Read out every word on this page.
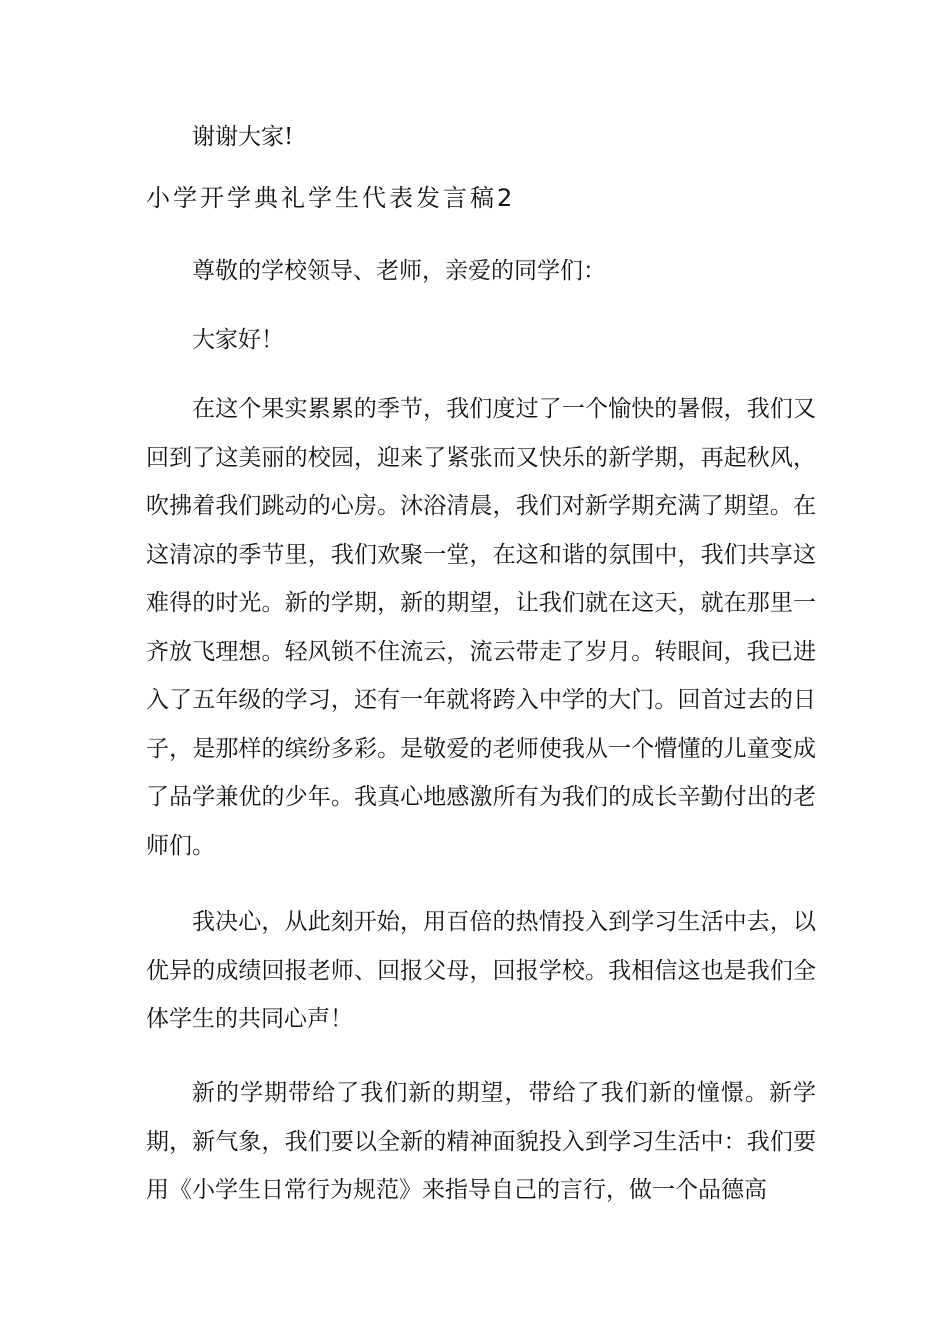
谢谢大家!

小学开学典礼学生代表发言稿2

尊敬的学校领导、老师，亲爱的同学们：

大家好！

在这个果实累累的季节，我们度过了一个愉快的暑假，我们又回到了这美丽的校园，迎来了紧张而又快乐的新学期，再起秋风，吹拂着我们跳动的心房。沐浴清晨，我们对新学期充满了期望。在这清凉的季节里，我们欢聚一堂，在这和谐的氛围中，我们共享这难得的时光。新的学期，新的期望，让我们就在这天，就在那里一齐放飞理想。轻风锁不住流云，流云带走了岁月。转眼间，我已进入了五年级的学习，还有一年就将跨入中学的大门。回首过去的日子，是那样的缤纷多彩。是敬爱的老师使我从一个懵懂的儿童变成了品学兼优的少年。我真心地感激所有为我们的成长辛勤付出的老师们。

我决心，从此刻开始，用百倍的热情投入到学习生活中去，以优异的成绩回报老师、回报父母，回报学校。我相信这也是我们全体学生的共同心声！

新的学期带给了我们新的期望，带给了我们新的憧憬。新学期，新气象，我们要以全新的精神面貌投入到学习生活中：我们要用《小学生日常行为规范》来指导自己的言行，做一个品德高
